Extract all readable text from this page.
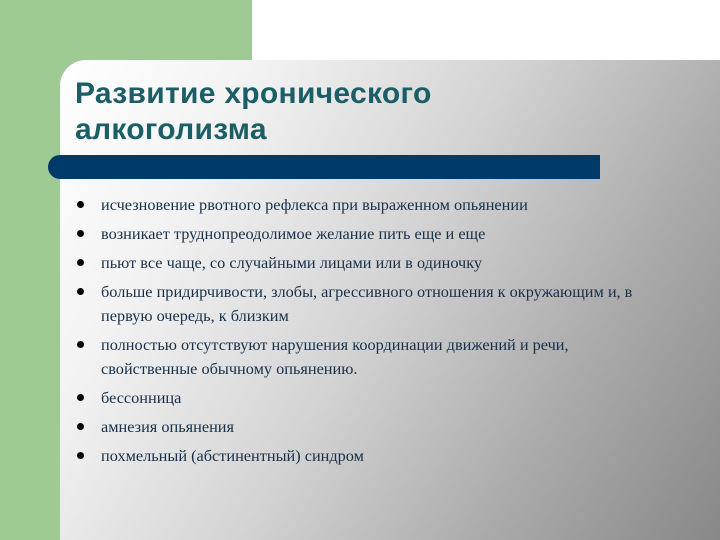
Развитие хронического
алкоголизма
исчезновение рвотного рефлекса при выраженном опьянении
возникает труднопреодолимое желание пить еще и еще
пьют все чаще, со случайными лицами или в одиночку
больше придирчивости, злобы, агрессивного отношения к окружающим и, в первую очередь, к близким
полностью отсутствуют нарушения координации движений и речи, свойственные обычному опьянению.
бессонница
амнезия опьянения
похмельный (абстинентный) синдром
